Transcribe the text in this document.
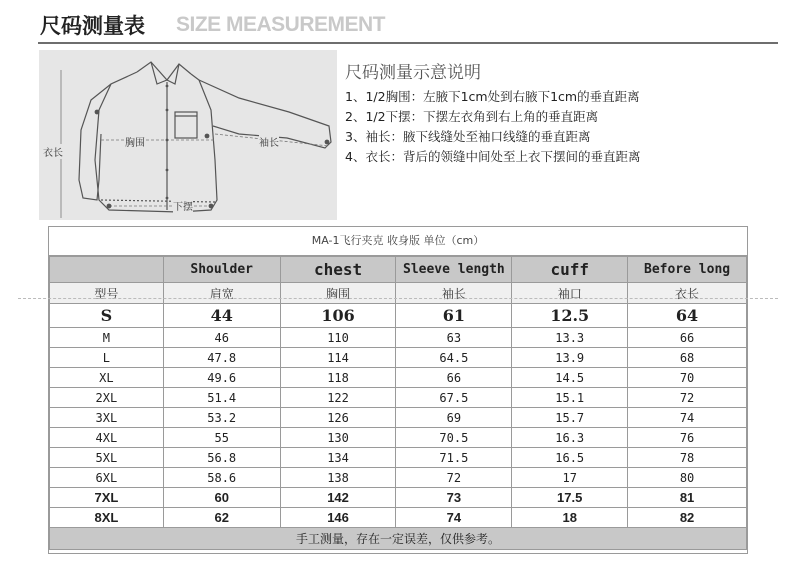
尺码测量表 SIZE MEASUREMENT
衣长
胸围	袖长
下摆
尺码测量示意说明
1、1/2胸围：左腋下1cm处到右腋下1cm的垂直距离
2、1/2下摆：下摆左衣角到右上角的垂直距离
3、袖长：腋下线缝处至袖口线缝的垂直距离
4、衣长：背后的领缝中间处至上衣下摆间的垂直距离
MA-1飞行夹克 收身版 单位（cm）
	Shoulder	chest	Sleeve length	cuff	Before long
型号	肩宽	胸围	袖长	袖口	衣长
S	44	106	61	12.5	64
M	46	110	63	13.3	66
L	47.8	114	64.5	13.9	68
XL	49.6	118	66	14.5	70
2XL	51.4	122	67.5	15.1	72
3XL	53.2	126	69	15.7	74
4XL	55	130	70.5	16.3	76
5XL	56.8	134	71.5	16.5	78
6XL	58.6	138	72	17	80
7XL	60	142	73	17.5	81
8XL	62	146	74	18	82
手工测量，存在一定误差，仅供参考。					
